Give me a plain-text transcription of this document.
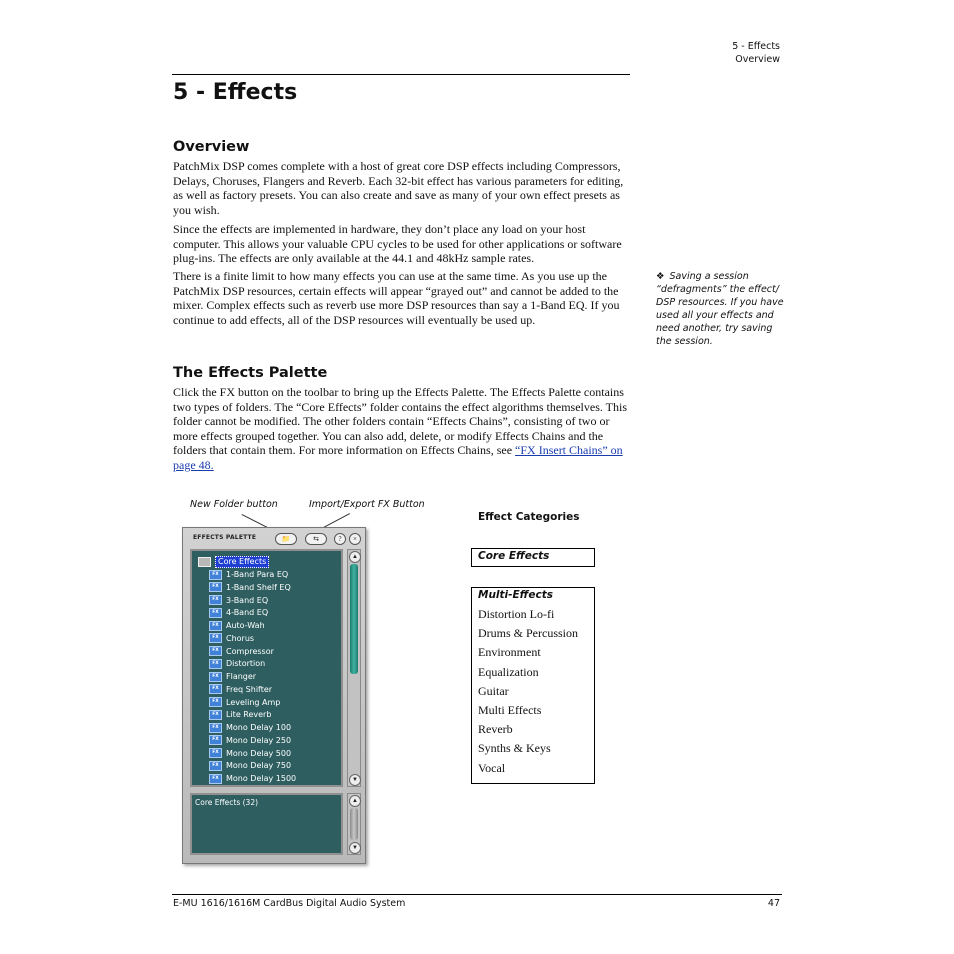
5 - Effects
Overview
5 - Effects
Overview

PatchMix DSP comes complete with a host of great core DSP effects including Compressors, Delays, Choruses, Flangers and Reverb. Each 32-bit effect has various parameters for editing, as well as factory presets. You can also create and save as many of your own effect presets as you wish.

Since the effects are implemented in hardware, they don’t place any load on your host computer. This allows your valuable CPU cycles to be used for other applications or software plug-ins. The effects are only available at the 44.1 and 48kHz sample rates.

There is a finite limit to how many effects you can use at the same time. As you use up the PatchMix DSP resources, certain effects will appear “grayed out” and cannot be added to the mixer. Complex effects such as reverb use more DSP resources than say a 1-Band EQ. If you continue to add effects, all of the DSP resources will eventually be used up.

❖ Saving a session “defragments” the effect/ DSP resources. If you have used all your effects and need another, try saving the session.
The Effects Palette

Click the FX button on the toolbar to bring up the Effects Palette. The Effects Palette contains two types of folders. The “Core Effects” folder contains the effect algorithms themselves. This folder cannot be modified. The other folders contain “Effects Chains”, consisting of two or more effects grouped together. You can also add, delete, or modify Effects Chains and the folders that contain them. For more information on Effects Chains, see “FX Insert Chains” on page 48.

New Folder button	Import/Export FX Button
EFFECTS PALETTE	📁	⇆	?	×
Core Effects
FX 1-Band Para EQ
FX 1-Band Shelf EQ
FX 3-Band EQ
FX 4-Band EQ
FX Auto-Wah
FX Chorus
FX Compressor
FX Distortion
FX Flanger
FX Freq Shifter
FX Leveling Amp
FX Lite Reverb
FX Mono Delay 100
FX Mono Delay 250
FX Mono Delay 500
FX Mono Delay 750
FX Mono Delay 1500
▲
▼
Core Effects (32)	▲
▼
Effect Categories
Core Effects
Multi-Effects
Distortion Lo-fi
Drums & Percussion
Environment
Equalization
Guitar
Multi Effects
Reverb
Synths & Keys
Vocal
E-MU 1616/1616M CardBus Digital Audio System	47
